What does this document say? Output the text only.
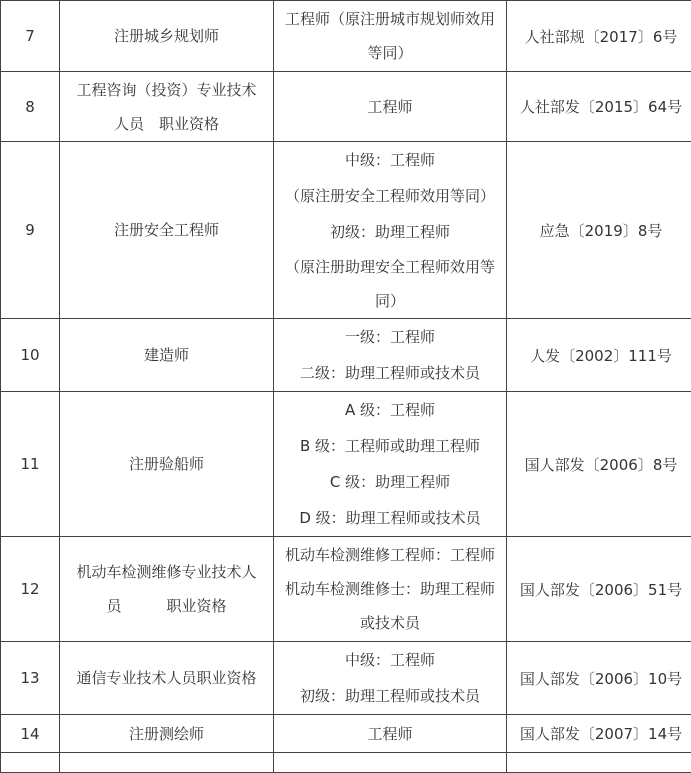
7	注册城乡规划师	工程师（原注册城市规划师效用
等同）	人社部规〔2017〕6号
8	工程咨询（投资）专业技术
人员　职业资格	工程师	人社部发〔2015〕64号
9	注册安全工程师	中级：工程师
（原注册安全工程师效用等同）
初级：助理工程师
（原注册助理安全工程师效用等
同）	应急〔2019〕8号
10	建造师	一级：工程师
二级：助理工程师或技术员	人发〔2002〕111号
11	注册验船师	A 级：工程师
B 级：工程师或助理工程师
C 级：助理工程师
D 级：助理工程师或技术员	国人部发〔2006〕8号
12	机动车检测维修专业技术人
员　　　职业资格	机动车检测维修工程师：工程师
机动车检测维修士：助理工程师
或技术员	国人部发〔2006〕51号
13	通信专业技术人员职业资格	中级：工程师
初级：助理工程师或技术员	国人部发〔2006〕10号
14	注册测绘师	工程师	国人部发〔2007〕14号
